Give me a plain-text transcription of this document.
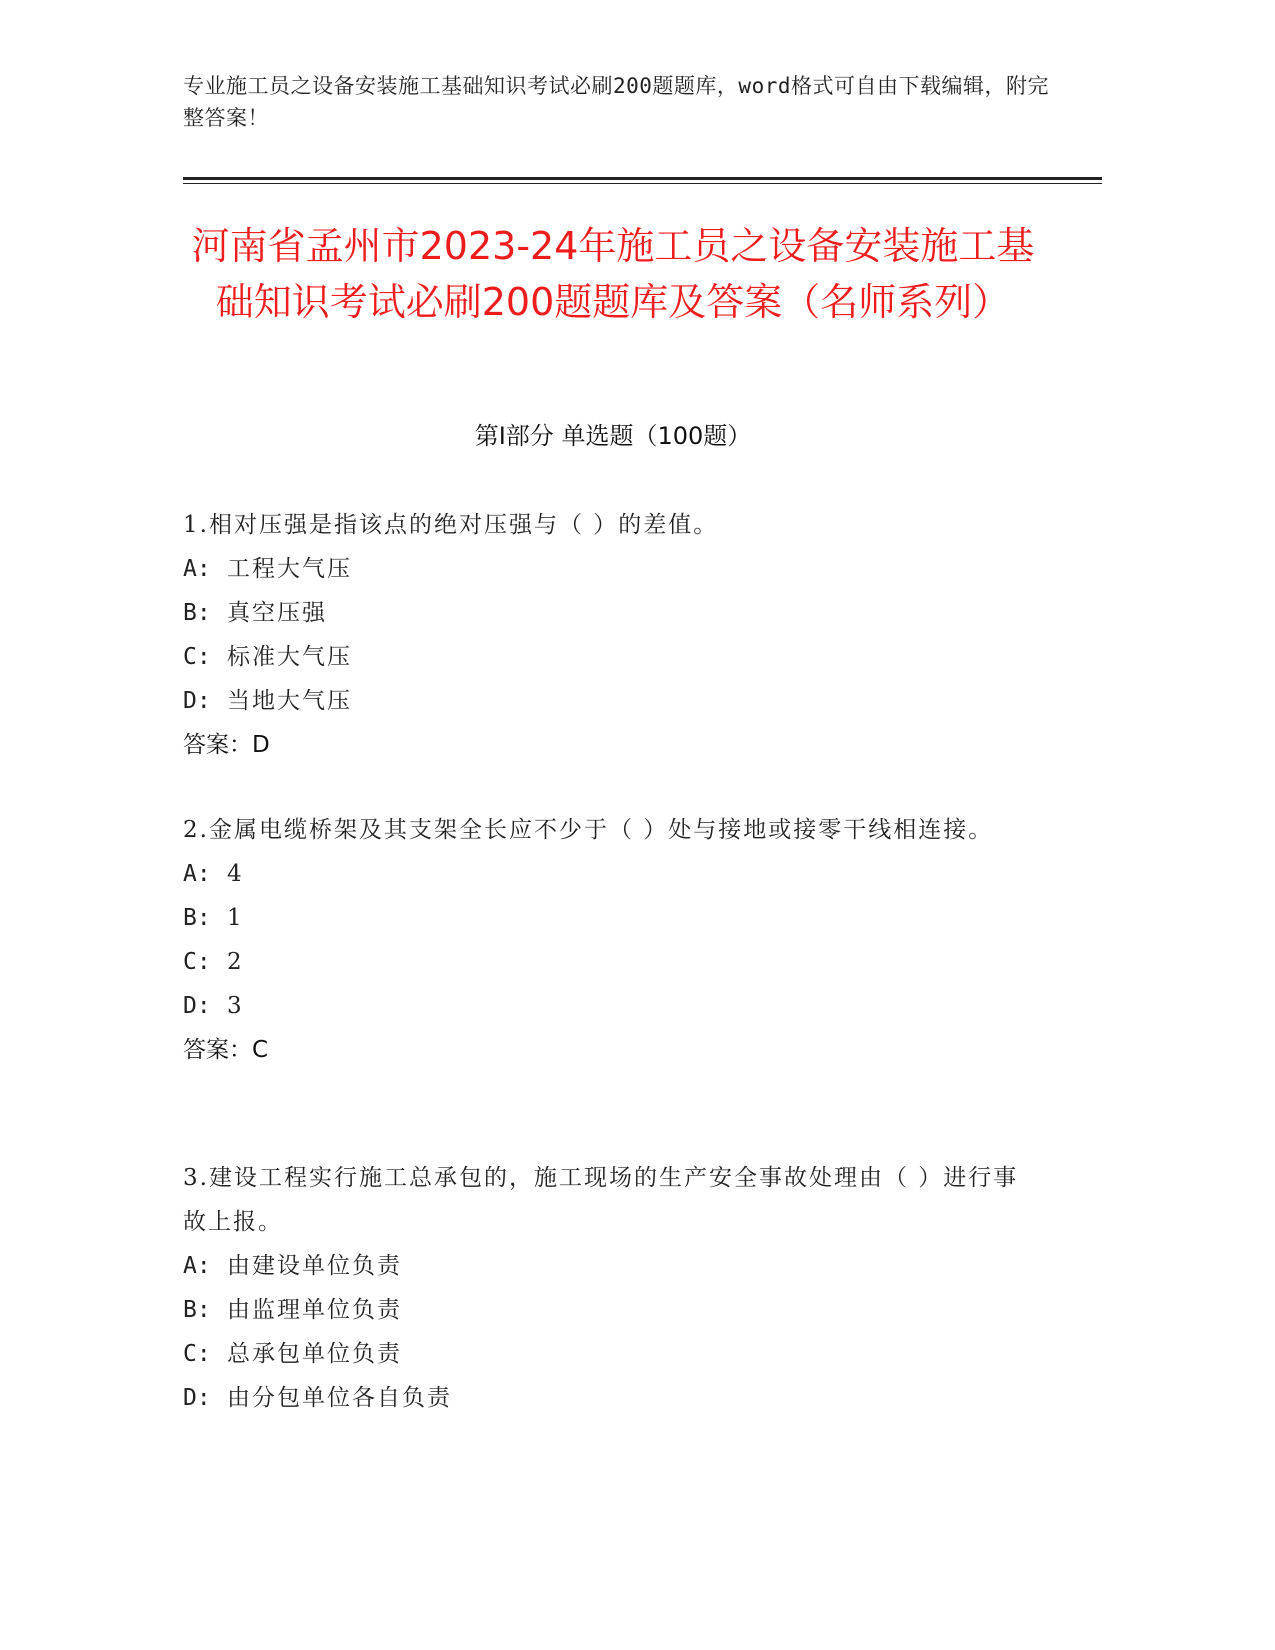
专业施工员之设备安装施工基础知识考试必刷200题题库，word格式可自由下载编辑，附完整答案！
河南省孟州市2023-24年施工员之设备安装施工基础知识考试必刷200题题库及答案（名师系列）
第I部分 单选题（100题）
1.相对压强是指该点的绝对压强与（ ）的差值。
A: 工程大气压
B: 真空压强
C: 标准大气压
D: 当地大气压
答案：D
2.金属电缆桥架及其支架全长应不少于（ ）处与接地或接零干线相连接。
A: 4
B: 1
C: 2
D: 3
答案：C
3.建设工程实行施工总承包的，施工现场的生产安全事故处理由（ ）进行事故上报。
A: 由建设单位负责
B: 由监理单位负责
C: 总承包单位负责
D: 由分包单位各自负责
